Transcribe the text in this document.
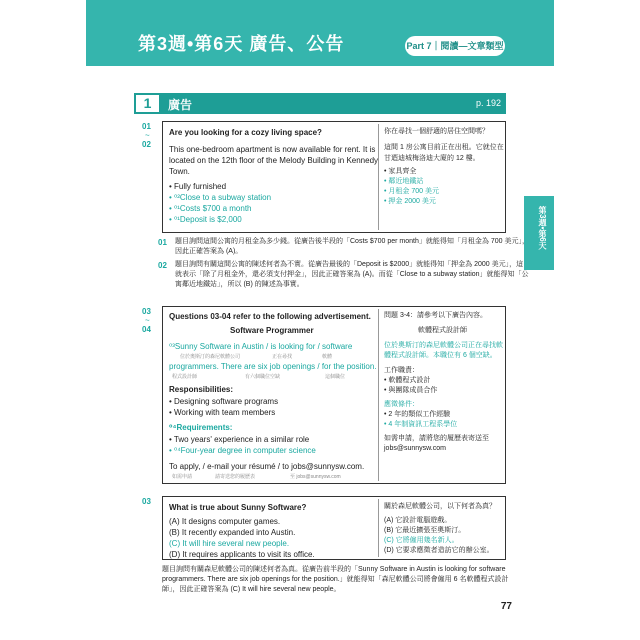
第3週•第6天 廣告、公告	Part 7｜閱讀—文章類型
1	廣告	p. 192
第3週•第6天
01
~
02
Are you looking for a cozy living space?
This one-bedroom apartment is now available for rent. It is
located on the 12th floor of the Melody Building in Kennedy
Town.
• Fully furnished
• ⁰²Close to a subway station
• ⁰¹Costs $700 a month
• ⁰¹Deposit is $2,000
你在尋找一個舒適的居住空間嗎？
這間 1 房公寓目前正在出租。它就位在
甘迺迪城梅洛迪大廈的 12 樓。
• 家具齊全
• 鄰近地鐵站
• 月租金 700 美元
• 押金 2000 美元
01 題目詢問這間公寓的月租金為多少錢。從廣告後半段的「Costs $700 per month」就能得知「月租金為 700 美元」，
因此正確答案為 (A)。
02 題目詢問有關這間公寓的陳述何者為不實。從廣告最後的「Deposit is $2000」就能得知「押金為 2000 美元」，這
就表示「除了月租金外，還必須支付押金」，因此正確答案為 (A)。而從「Close to a subway station」就能得知「公
寓鄰近地鐵站」，所以 (B) 的陳述為事實。
03
~
04
Questions 03-04 refer to the following advertisement.
Software Programmer
⁰³Sunny Software in Austin / is looking for / software
位於奧斯汀的森尼軟體公司	正在尋找	軟體
programmers. There are six job openings / for the position.
程式設計師	有六個職位空缺	這個職位
Responsibilities:
• Designing software programs
• Working with team members
⁰⁴Requirements:
• Two years' experience in a similar role
• ⁰⁴Four-year degree in computer science
To apply, / e-mail your résumé / to jobs@sunnysw.com.
如需申請	請寄送您的履歷表	至 jobs@sunnysw.com
問題 3-4：請參考以下廣告內容。
軟體程式設計師
位於奧斯汀的森尼軟體公司正在尋找軟
體程式設計師。本職位有 6 個空缺。
工作職責：
• 軟體程式設計
• 與團隊成員合作
應徵條件：
• 2 年的類似工作經驗
• 4 年制資訊工程系學位
如需申請，請將您的履歷表寄送至
jobs@sunnysw.com
03
What is true about Sunny Software?
(A) It designs computer games.
(B) It recently expanded into Austin.
(C) It will hire several new people.
(D) It requires applicants to visit its office.
關於森尼軟體公司，以下何者為真？
(A) 它設計電腦遊戲。
(B) 它最近擴張至奧斯汀。
(C) 它將僱用幾名新人。
(D) 它要求應徵者造訪它的辦公室。
題目詢問有關森尼軟體公司的陳述何者為真。從廣告前半段的「Sunny Software in Austin is looking for software
programmers. There are six job openings for the position.」就能得知「森尼軟體公司將會僱用 6 名軟體程式設計
師」，因此正確答案為 (C) It will hire several new people。
77
